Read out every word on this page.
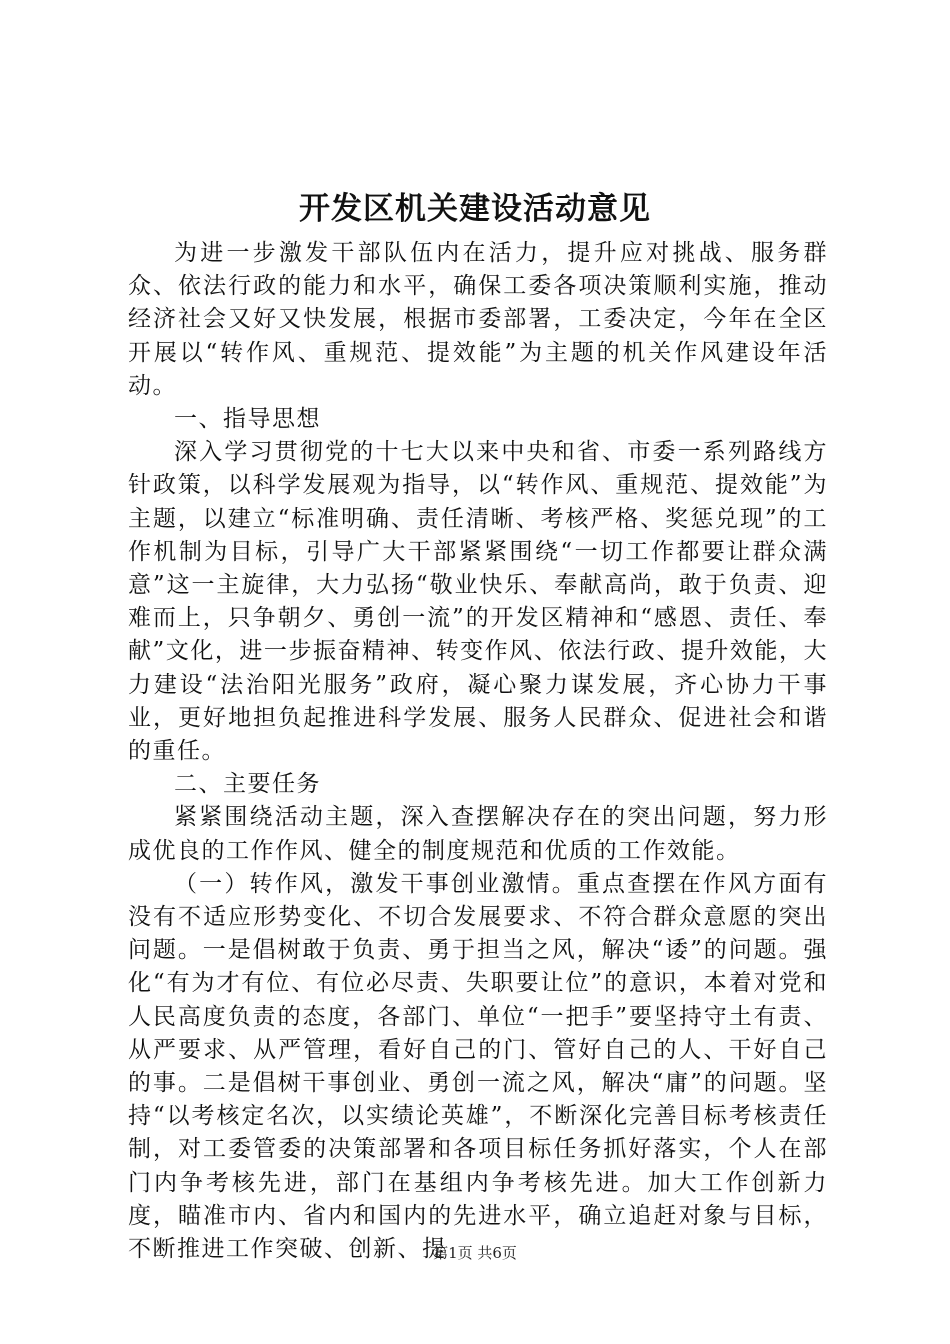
开发区机关建设活动意见

为进一步激发干部队伍内在活力，提升应对挑战、服务群众、依法行政的能力和水平，确保工委各项决策顺利实施，推动经济社会又好又快发展，根据市委部署，工委决定，今年在全区开展以“转作风、重规范、提效能”为主题的机关作风建设年活动。

一、指导思想

深入学习贯彻党的十七大以来中央和省、市委一系列路线方针政策，以科学发展观为指导，以“转作风、重规范、提效能”为主题，以建立“标准明确、责任清晰、考核严格、奖惩兑现”的工作机制为目标，引导广大干部紧紧围绕“一切工作都要让群众满意”这一主旋律，大力弘扬“敬业快乐、奉献高尚，敢于负责、迎难而上，只争朝夕、勇创一流”的开发区精神和“感恩、责任、奉献”文化，进一步振奋精神、转变作风、依法行政、提升效能，大力建设“法治阳光服务”政府，凝心聚力谋发展，齐心协力干事业，更好地担负起推进科学发展、服务人民群众、促进社会和谐的重任。

二、主要任务

紧紧围绕活动主题，深入查摆解决存在的突出问题，努力形成优良的工作作风、健全的制度规范和优质的工作效能。

（一）转作风，激发干事创业激情。重点查摆在作风方面有没有不适应形势变化、不切合发展要求、不符合群众意愿的突出问题。一是倡树敢于负责、勇于担当之风，解决“诿”的问题。强化“有为才有位、有位必尽责、失职要让位”的意识，本着对党和人民高度负责的态度，各部门、单位“一把手”要坚持守土有责、从严要求、从严管理，看好自己的门、管好自己的人、干好自己的事。二是倡树干事创业、勇创一流之风，解决“庸”的问题。坚持“以考核定名次，以实绩论英雄”，不断深化完善目标考核责任制，对工委管委的决策部署和各项目标任务抓好落实，个人在部门内争考核先进，部门在基组内争考核先进。加大工作创新力度，瞄准市内、省内和国内的先进水平，确立追赶对象与目标，不断推进工作突破、创新、提

第1页 共6页
